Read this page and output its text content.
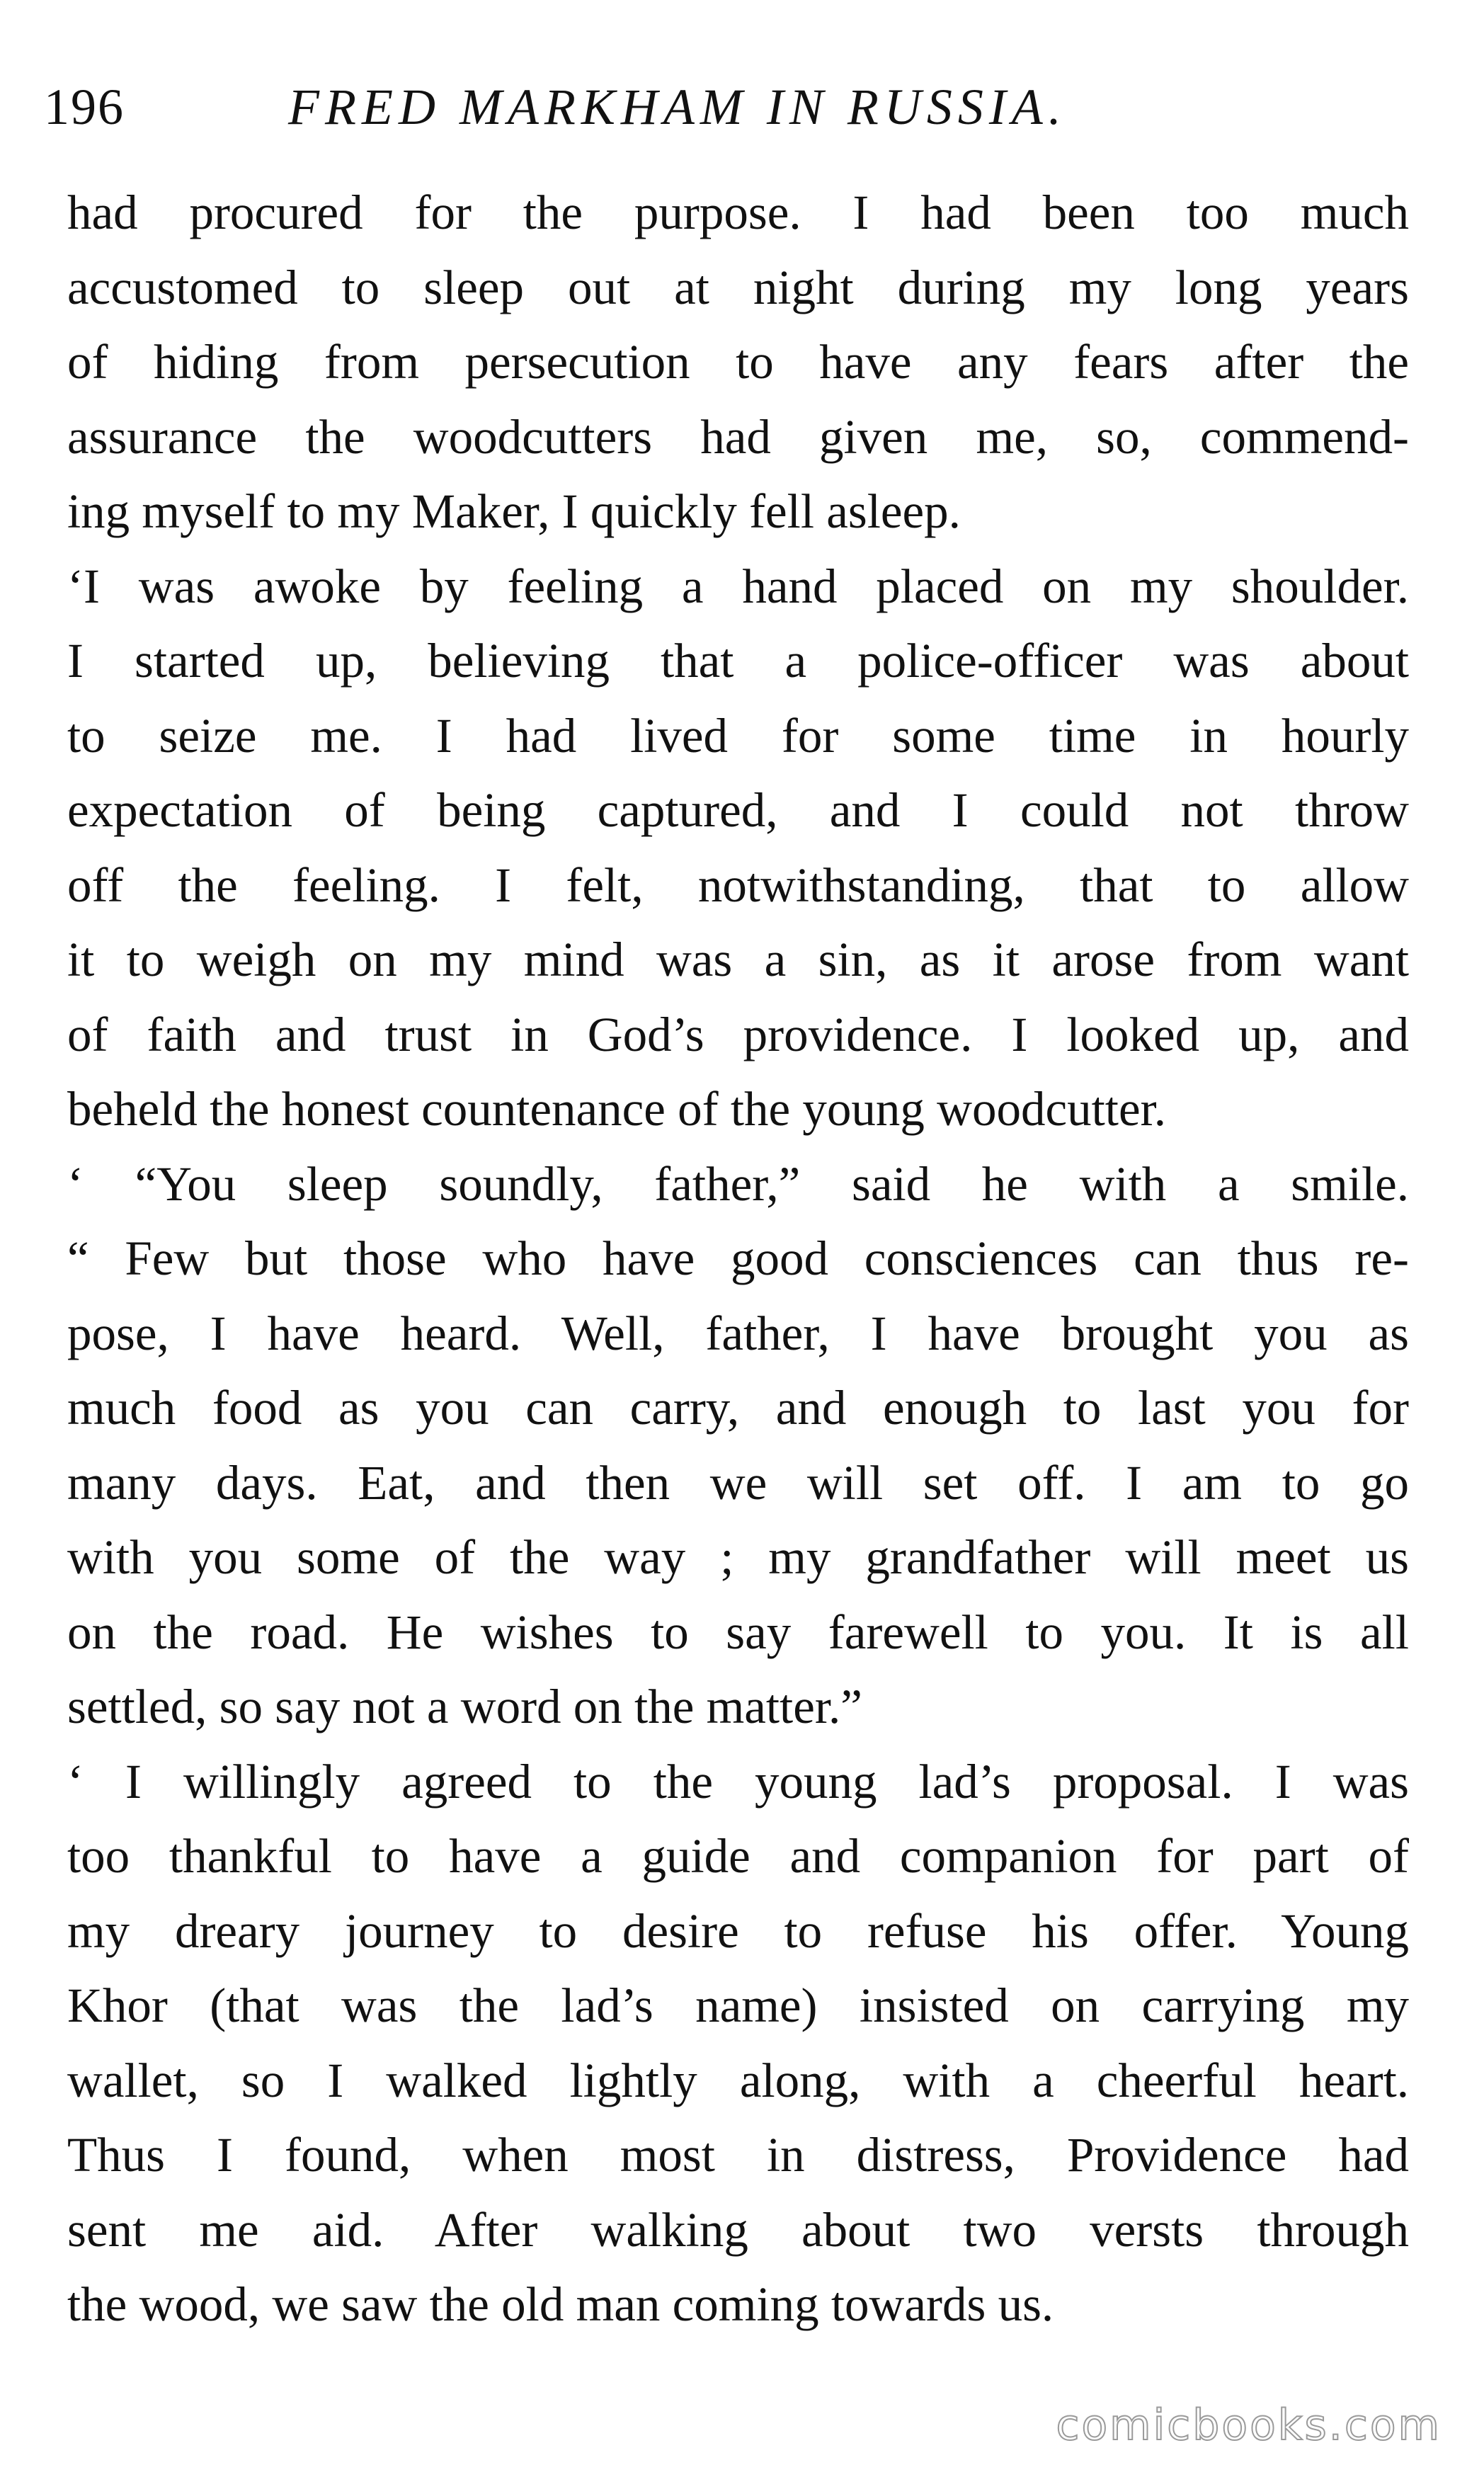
196	FRED MARKHAM IN RUSSIA.
had procured for the purpose. I had been too much
accustomed to sleep out at night during my long years
of hiding from persecution to have any fears after the
assurance the woodcutters had given me, so, commend-
ing myself to my Maker, I quickly fell asleep.
‘I was awoke by feeling a hand placed on my shoulder.
I started up, believing that a police-officer was about
to seize me. I had lived for some time in hourly
expectation of being captured, and I could not throw
off the feeling. I felt, notwithstanding, that to allow
it to weigh on my mind was a sin, as it arose from want
of faith and trust in God’s providence. I looked up, and
beheld the honest countenance of the young woodcutter.
‘ “You sleep soundly, father,” said he with a smile.
“ Few but those who have good consciences can thus re-
pose, I have heard. Well, father, I have brought you as
much food as you can carry, and enough to last you for
many days. Eat, and then we will set off. I am to go
with you some of the way ; my grandfather will meet us
on the road. He wishes to say farewell to you. It is all
settled, so say not a word on the matter.”
‘ I willingly agreed to the young lad’s proposal. I was
too thankful to have a guide and companion for part of
my dreary journey to desire to refuse his offer. Young
Khor (that was the lad’s name) insisted on carrying my
wallet, so I walked lightly along, with a cheerful heart.
Thus I found, when most in distress, Providence had
sent me aid. After walking about two versts through
the wood, we saw the old man coming towards us.
comicbooks.com
